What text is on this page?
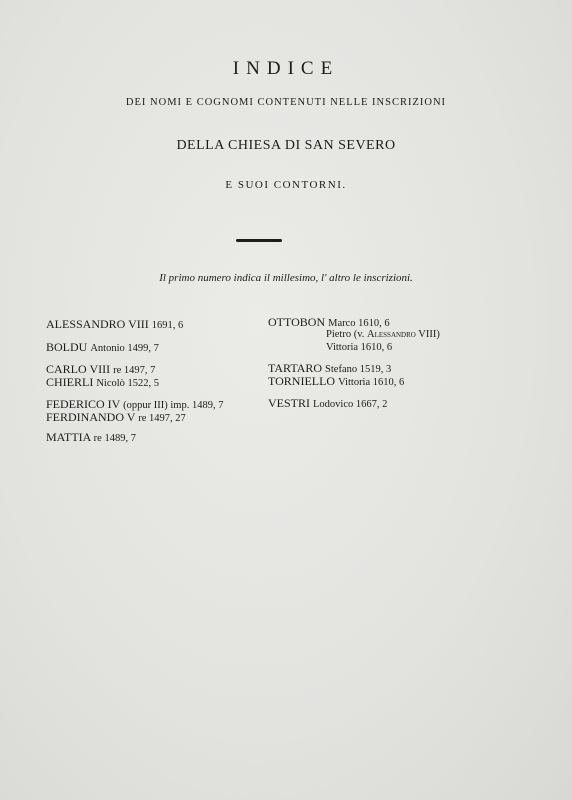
INDICE
DEI NOMI E COGNOMI CONTENUTI NELLE INSCRIZIONI
DELLA CHIESA DI SAN SEVERO
E SUOI CONTORNI.
Il primo numero indica il millesimo, l' altro le inscrizioni.
ALESSANDRO VIII 1691, 6
BOLDU Antonio 1499, 7
CARLO VIII re 1497, 7
CHIERLI Nicolò 1522, 5
FEDERICO IV (oppur III) imp. 1489, 7
FERDINANDO V re 1497, 27
MATTIA re 1489, 7
OTTOBON Marco 1610, 6
Pietro (v. Alessandro VIII)
Vittoria 1610, 6
TARTARO Stefano 1519, 3
TORNIELLO Vittoria 1610, 6
VESTRI Lodovico 1667, 2
